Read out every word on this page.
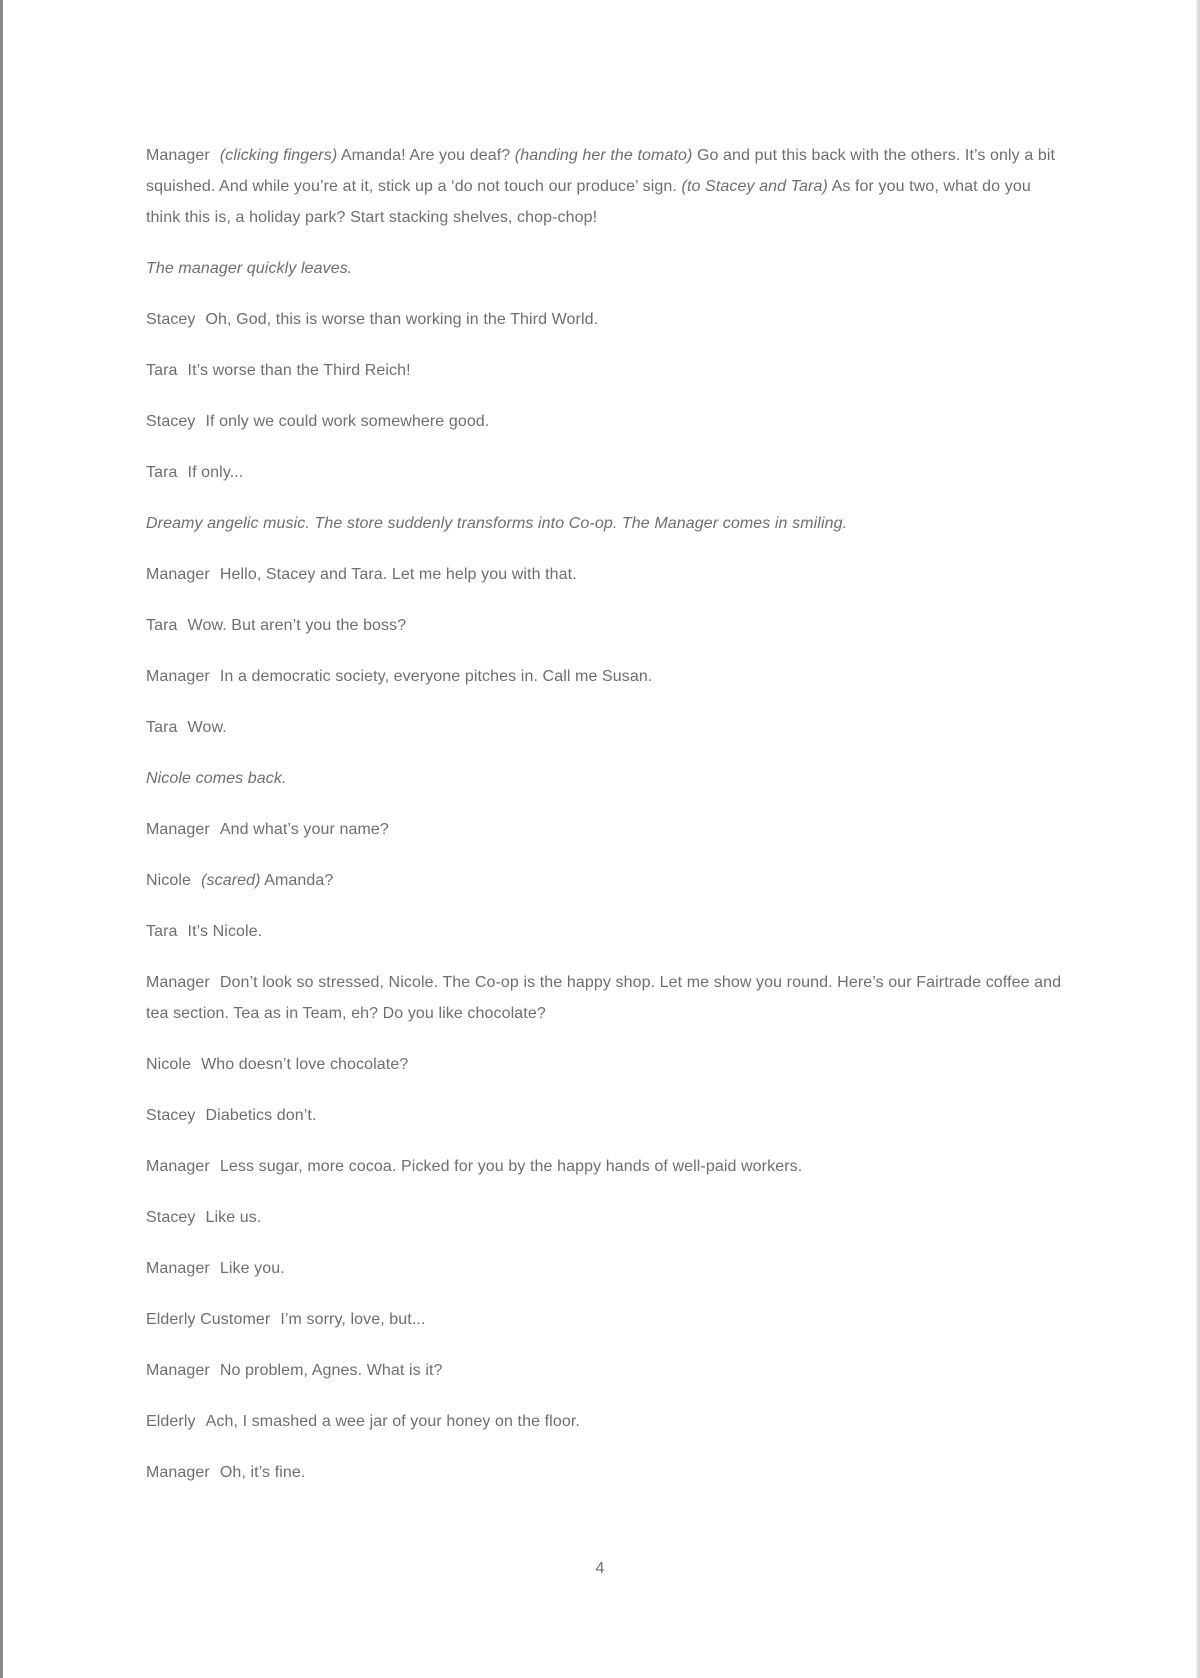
Manager (clicking fingers) Amanda! Are you deaf? (handing her the tomato) Go and put this back with the others. It’s only a bit squished. And while you’re at it, stick up a ‘do not touch our produce’ sign. (to Stacey and Tara) As for you two, what do you think this is, a holiday park? Start stacking shelves, chop-chop!

The manager quickly leaves.

Stacey Oh, God, this is worse than working in the Third World.

Tara It’s worse than the Third Reich!

Stacey If only we could work somewhere good.

Tara If only...

Dreamy angelic music. The store suddenly transforms into Co-op. The Manager comes in smiling.

Manager Hello, Stacey and Tara. Let me help you with that.

Tara Wow. But aren’t you the boss?

Manager In a democratic society, everyone pitches in. Call me Susan.

Tara Wow.

Nicole comes back.

Manager And what’s your name?

Nicole (scared) Amanda?

Tara It’s Nicole.

Manager Don’t look so stressed, Nicole. The Co-op is the happy shop. Let me show you round. Here’s our Fairtrade coffee and tea section. Tea as in Team, eh? Do you like chocolate?

Nicole Who doesn’t love chocolate?

Stacey Diabetics don’t.

Manager Less sugar, more cocoa. Picked for you by the happy hands of well-paid workers.

Stacey Like us.

Manager Like you.

Elderly Customer I’m sorry, love, but...

Manager No problem, Agnes. What is it?

Elderly Ach, I smashed a wee jar of your honey on the floor.

Manager Oh, it’s fine.

4
